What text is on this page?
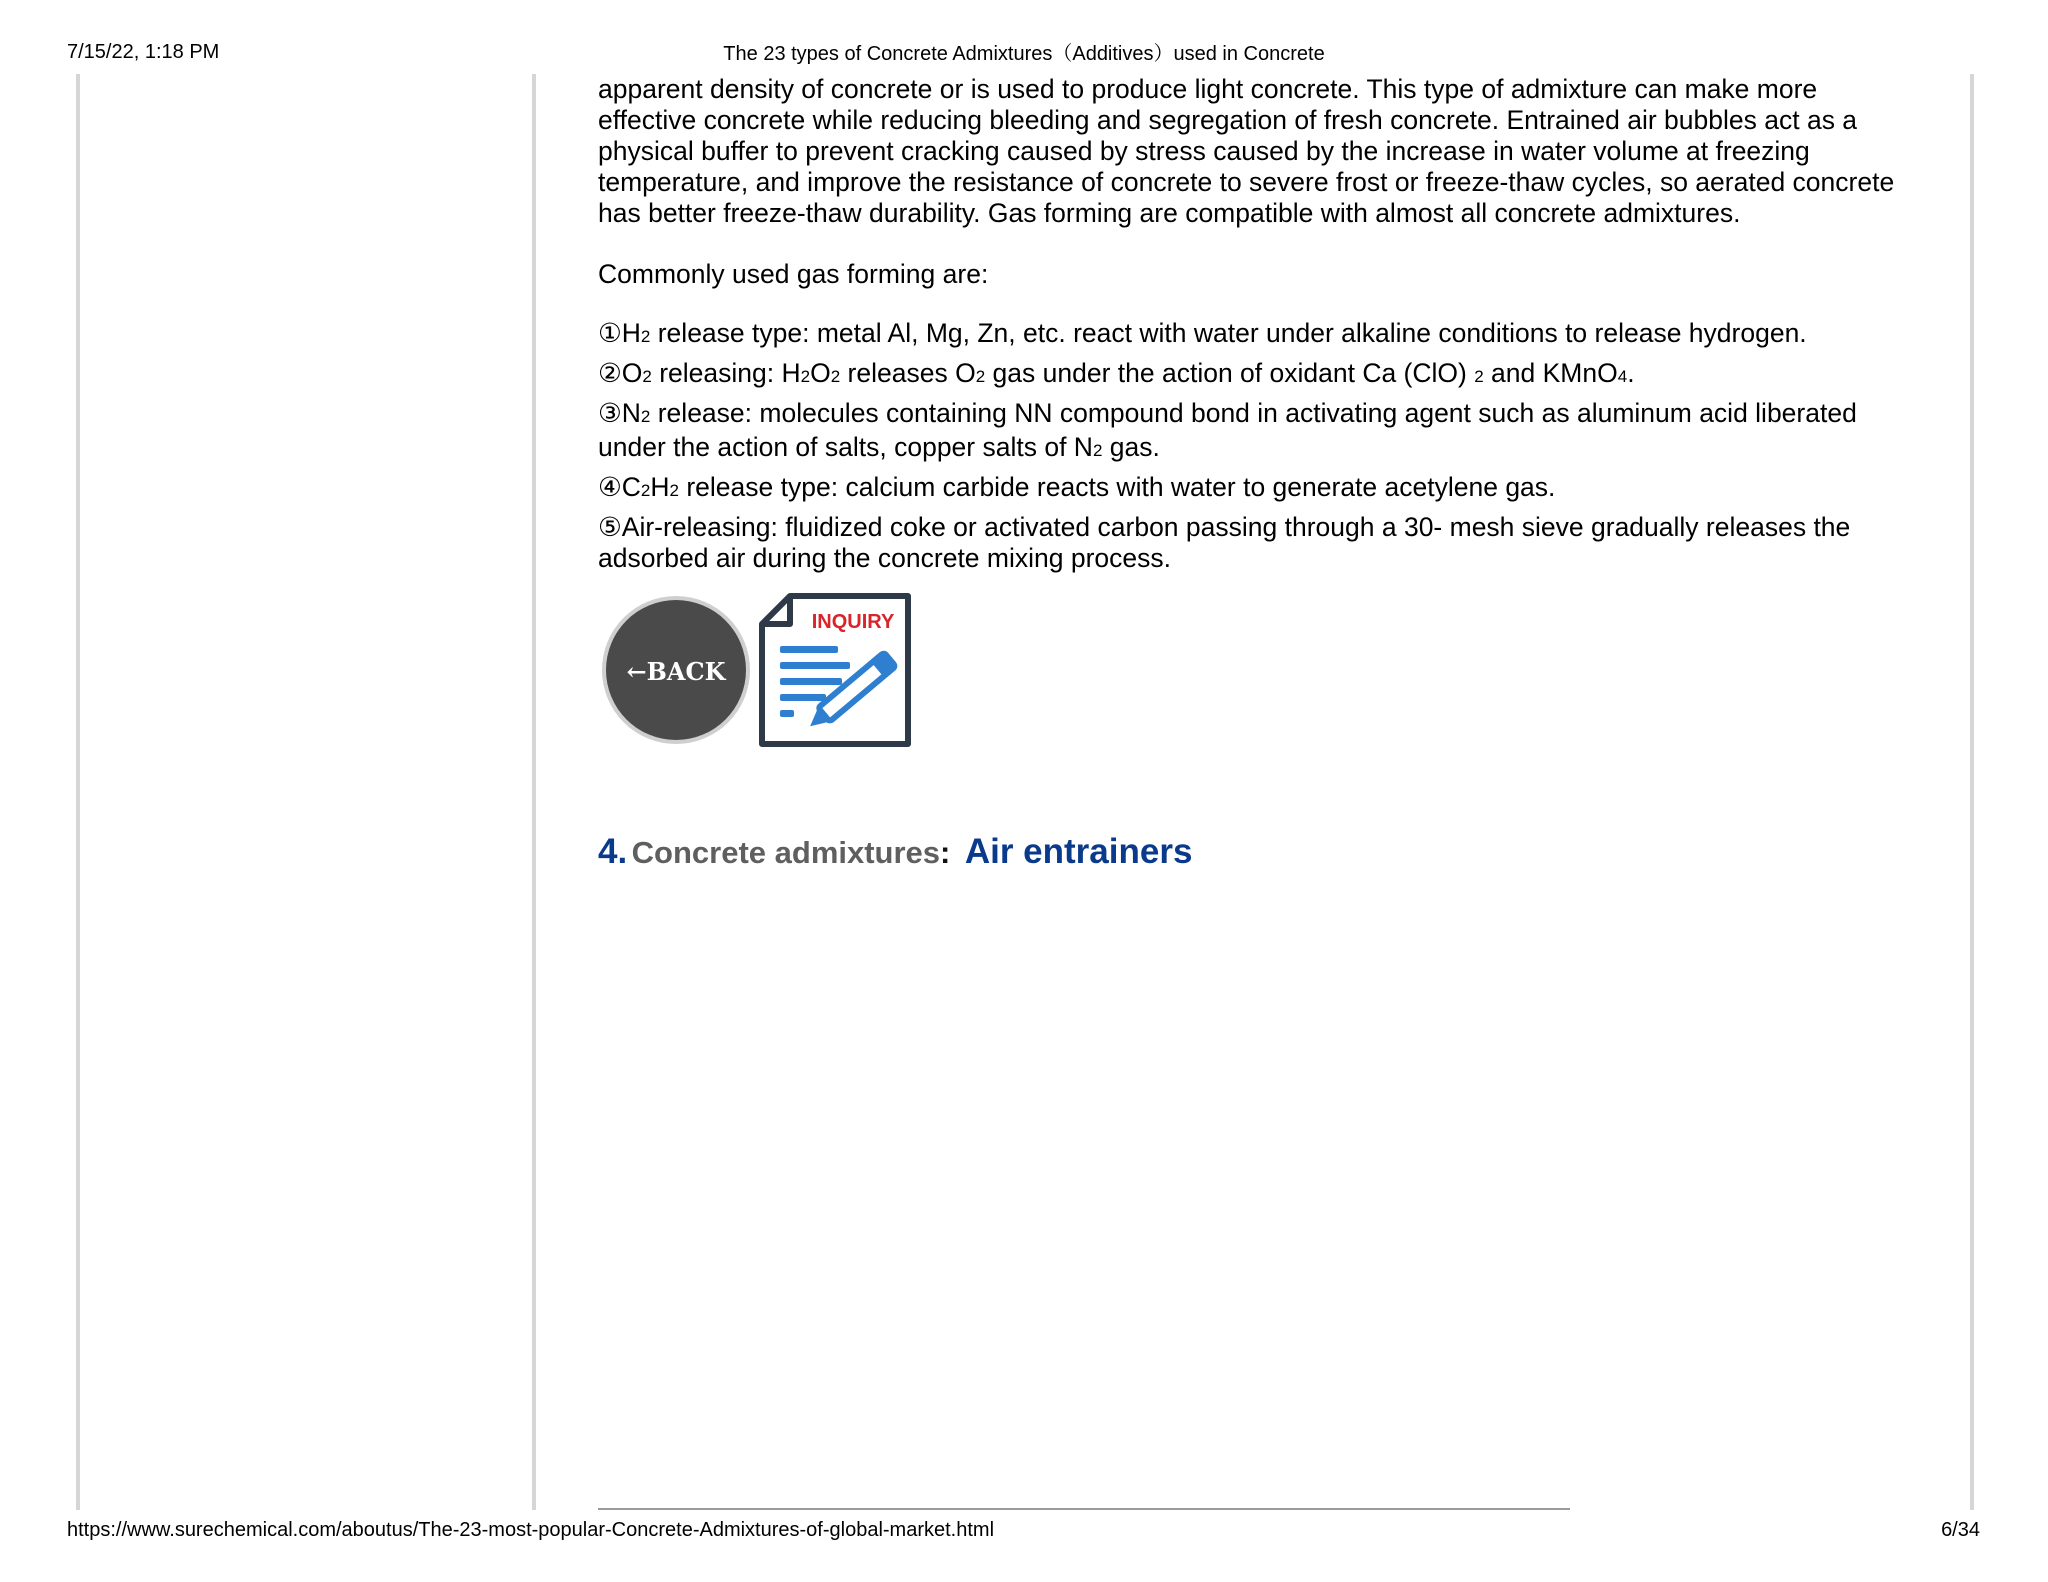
7/15/22, 1:18 PM	The 23 types of Concrete Admixtures（Additives）used in Concrete

apparent density of concrete or is used to produce light concrete. This type of admixture can make more effective concrete while reducing bleeding and segregation of fresh concrete. Entrained air bubbles act as a physical buffer to prevent cracking caused by stress caused by the increase in water volume at freezing temperature, and improve the resistance of concrete to severe frost or freeze-thaw cycles, so aerated concrete has better freeze-thaw durability. Gas forming are compatible with almost all concrete admixtures.

Commonly used gas forming are:

①H2 release type: metal Al, Mg, Zn, etc. react with water under alkaline conditions to release hydrogen.

②O2 releasing: H2O2 releases O2 gas under the action of oxidant Ca (ClO) 2 and KMnO4.

③N2 release: molecules containing NN compound bond in activating agent such as aluminum acid liberated under the action of salts, copper salts of N2 gas.

④C2H2 release type: calcium carbide reacts with water to generate acetylene gas.

⑤Air-releasing: fluidized coke or activated carbon passing through a 30- mesh sieve gradually releases the adsorbed air during the concrete mixing process.

←BACK
INQUIRY
4. Concrete admixtures: Air entrainers
https://www.surechemical.com/aboutus/The-23-most-popular-Concrete-Admixtures-of-global-market.html	6/34
